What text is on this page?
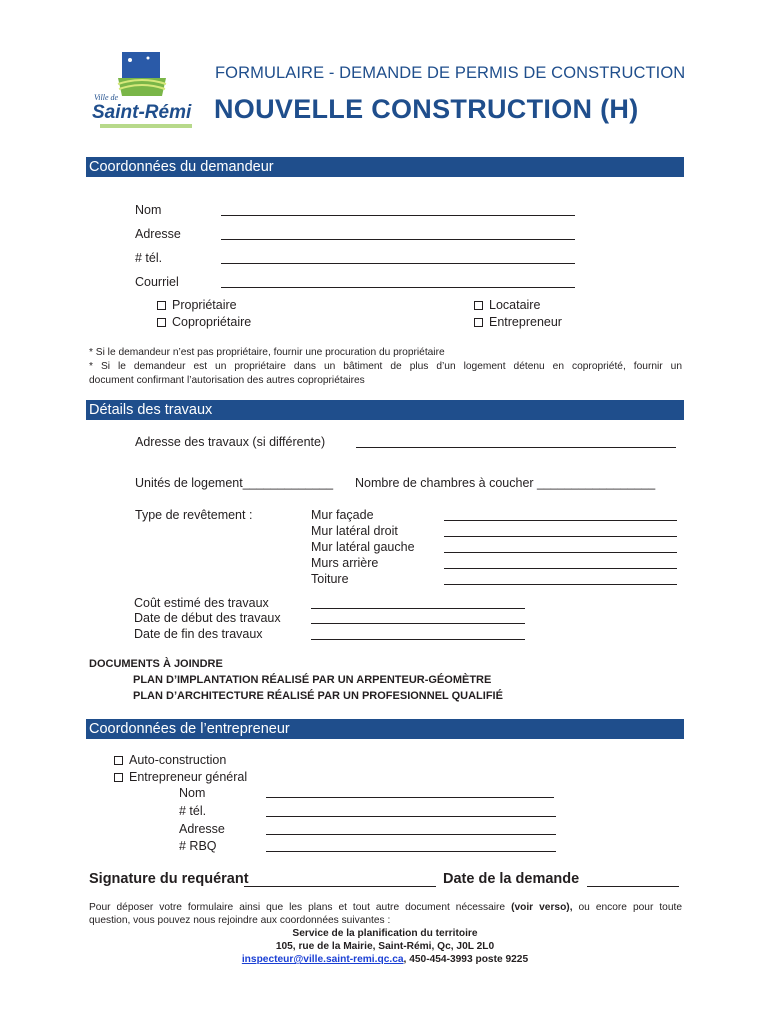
Ville de
Saint-Rémi
FORMULAIRE - DEMANDE DE PERMIS DE CONSTRUCTION
NOUVELLE CONSTRUCTION (H)
Coordonnées du demandeur
Nom
Adresse
# tél.
Courriel
Propriétaire
Copropriétaire
Locataire
Entrepreneur
* Si le demandeur n’est pas propriétaire, fournir une procuration du propriétaire
* Si le demandeur est un propriétaire dans un bâtiment de plus d’un logement détenu en copropriété, fournir un
document confirmant l’autorisation des autres copropriétaires
Détails des travaux
Adresse des travaux (si différente)
Unités de logement_____________ Nombre de chambres à coucher _________________
Type de revêtement :	Mur façade
Mur latéral droit
Mur latéral gauche
Murs arrière
Toiture
Coût estimé des travaux
Date de début des travaux
Date de fin des travaux
DOCUMENTS À JOINDRE
PLAN D’IMPLANTATION RÉALISÉ PAR UN ARPENTEUR-GÉOMÈTRE
PLAN D’ARCHITECTURE RÉALISÉ PAR UN PROFESIONNEL QUALIFIÉ
Coordonnées de l’entrepreneur
Auto-construction
Entrepreneur général
Nom
# tél.
Adresse
# RBQ
Signature du requérant	Date de la demande
Pour déposer votre formulaire ainsi que les plans et tout autre document nécessaire (voir verso), ou encore pour toute
question, vous pouvez nous rejoindre aux coordonnées suivantes :
Service de la planification du territoire
105, rue de la Mairie, Saint-Rémi, Qc, J0L 2L0
inspecteur@ville.saint-remi.qc.ca, 450-454-3993 poste 9225
